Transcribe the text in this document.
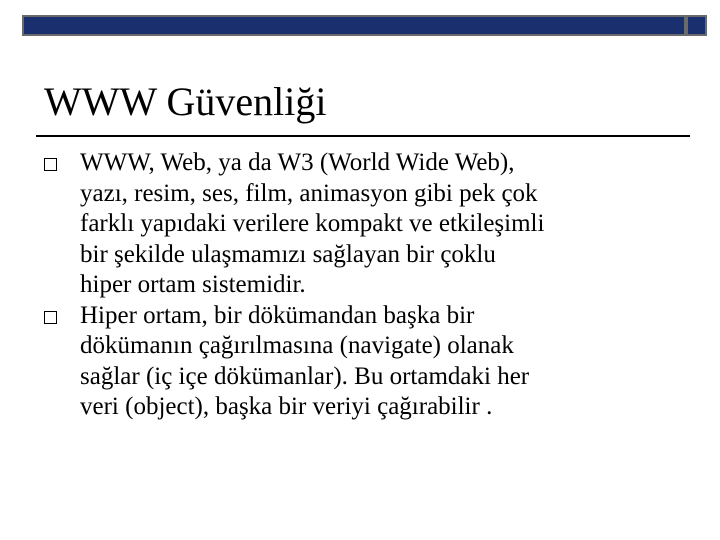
WWW Güvenliği
WWW, Web, ya da W3 (World Wide Web),
yazı, resim, ses, film, animasyon gibi pek çok
farklı yapıdaki verilere kompakt ve etkileşimli
bir şekilde ulaşmamızı sağlayan bir çoklu
hiper ortam sistemidir.
Hiper ortam, bir dökümandan başka bir
dökümanın çağırılmasına (navigate) olanak
sağlar (iç içe dökümanlar). Bu ortamdaki her
veri (object), başka bir veriyi çağırabilir .
